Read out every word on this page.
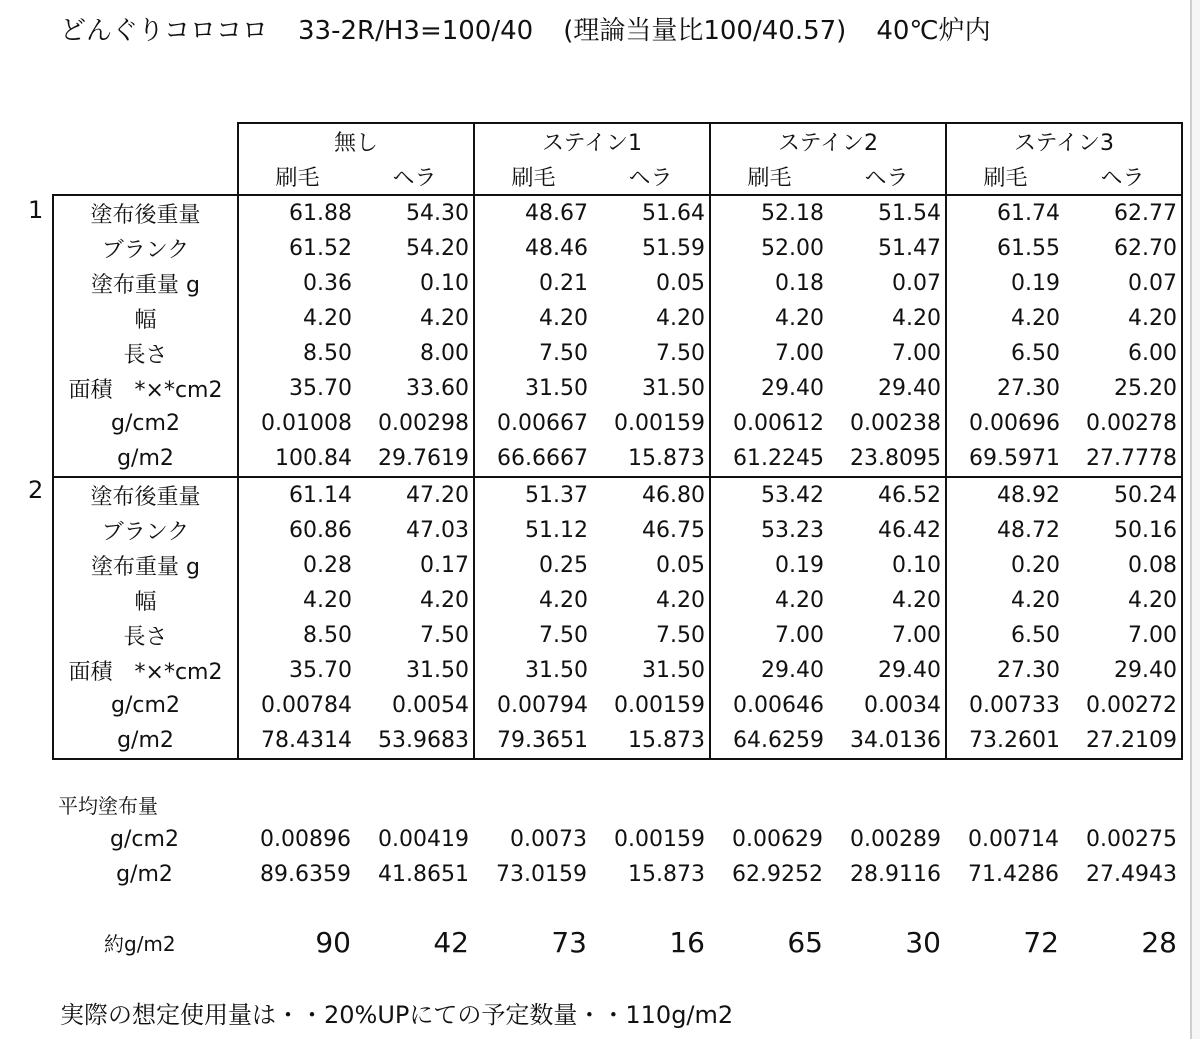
どんぐりコロコロ 33-2R/H3=100/40 (理論当量比100/40.57) 40℃炉内
	無し		ステイン1		ステイン2		ステイン3	
	刷毛	ヘラ	刷毛	ヘラ	刷毛	ヘラ	刷毛	ヘラ
塗布後重量	61.88	54.30	48.67	51.64	52.18	51.54	61.74	62.77
ブランク	61.52	54.20	48.46	51.59	52.00	51.47	61.55	62.70
塗布重量 g	0.36	0.10	0.21	0.05	0.18	0.07	0.19	0.07
幅	4.20	4.20	4.20	4.20	4.20	4.20	4.20	4.20
長さ	8.50	8.00	7.50	7.50	7.00	7.00	6.50	6.00
面積　*×*cm2	35.70	33.60	31.50	31.50	29.40	29.40	27.30	25.20
g/cm2	0.01008	0.00298	0.00667	0.00159	0.00612	0.00238	0.00696	0.00278
g/m2	100.84	29.7619	66.6667	15.873	61.2245	23.8095	69.5971	27.7778
塗布後重量	61.14	47.20	51.37	46.80	53.42	46.52	48.92	50.24
ブランク	60.86	47.03	51.12	46.75	53.23	46.42	48.72	50.16
塗布重量 g	0.28	0.17	0.25	0.05	0.19	0.10	0.20	0.08
幅	4.20	4.20	4.20	4.20	4.20	4.20	4.20	4.20
長さ	8.50	7.50	7.50	7.50	7.00	7.00	6.50	7.00
面積　*×*cm2	35.70	31.50	31.50	31.50	29.40	29.40	27.30	29.40
g/cm2	0.00784	0.0054	0.00794	0.00159	0.00646	0.0034	0.00733	0.00272
g/m2	78.4314	53.9683	79.3651	15.873	64.6259	34.0136	73.2601	27.2109
平均塗布量
g/cm2	0.00896	0.00419	0.0073	0.00159	0.00629	0.00289	0.00714	0.00275
g/m2	89.6359	41.8651	73.0159	15.873	62.9252	28.9116	71.4286	27.4943
約g/m2	90	42	73	16	65	30	72	28
実際の想定使用量は・・20%UPにての予定数量・・110g/m2
1
2
